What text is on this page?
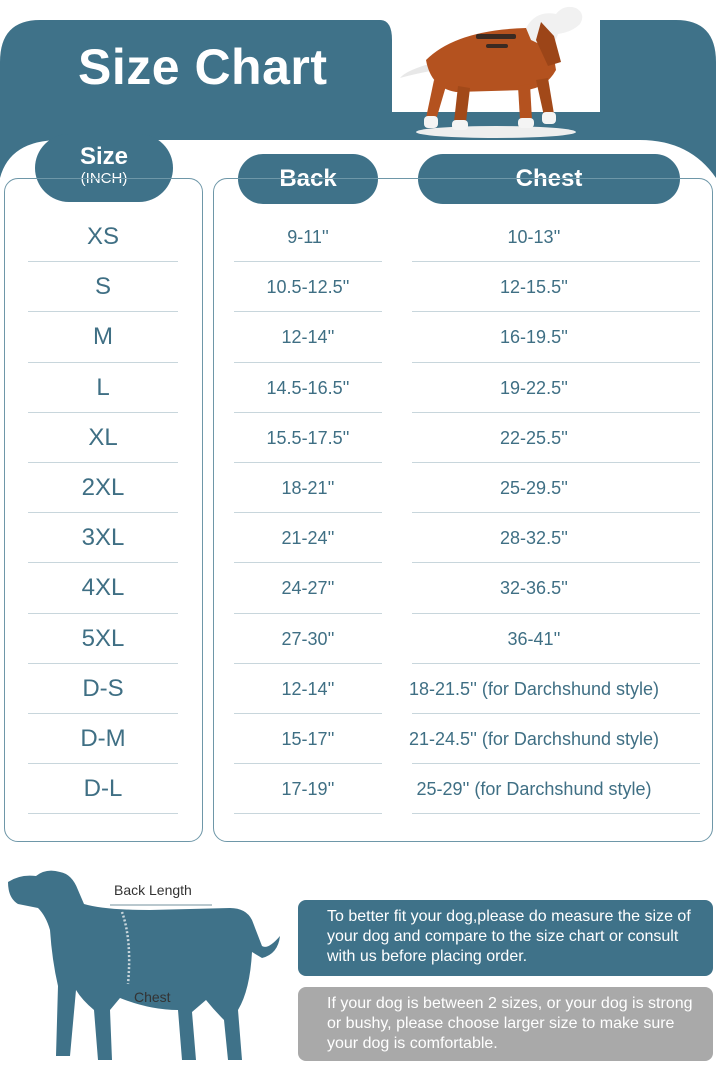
Size Chart
Size
(INCH)	Back	Chest
XS	9-11''	10-13''
S	10.5-12.5''	12-15.5''
M	12-14''	16-19.5''
L	14.5-16.5''	19-22.5''
XL	15.5-17.5''	22-25.5''
2XL	18-21''	25-29.5''
3XL	21-24''	28-32.5''
4XL	24-27''	32-36.5''
5XL	27-30''	36-41''
D-S	12-14''	18-21.5'' (for Darchshund style)
D-M	15-17''	21-24.5'' (for Darchshund style)
D-L	17-19''	25-29'' (for Darchshund style)
Back Length
Chest
To better fit your dog,please do measure the size of your dog and compare to the size chart or consult with us before placing order.
If your dog is between 2 sizes, or your dog is strong or bushy, please choose larger size to make sure your dog is comfortable.
